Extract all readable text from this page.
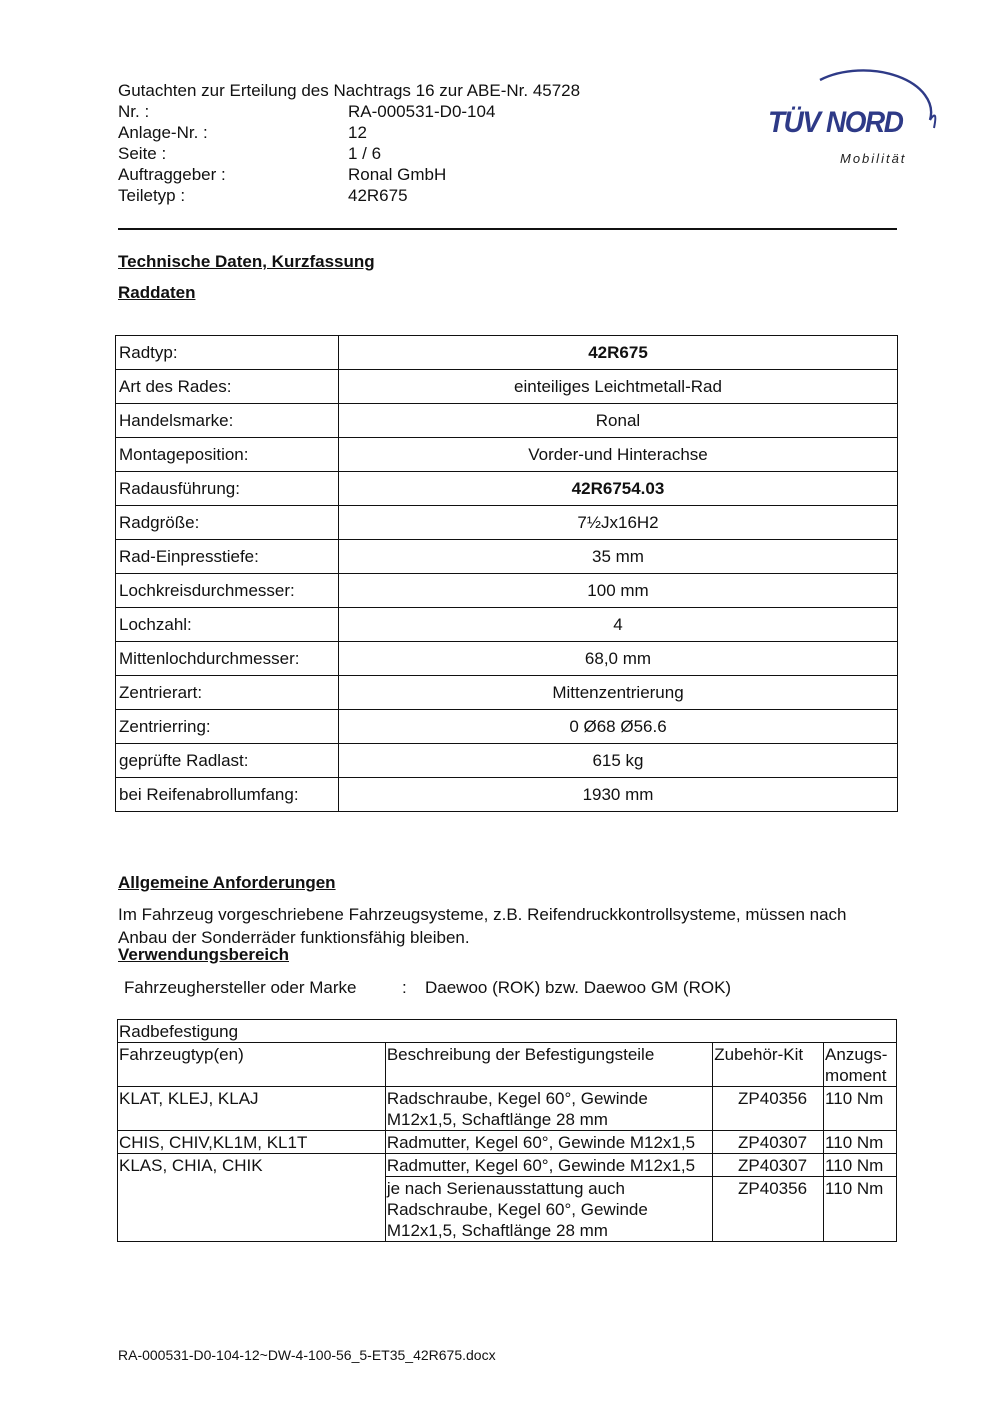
Gutachten zur Erteilung des Nachtrags 16 zur ABE-Nr. 45728
Nr. :	RA-000531-D0-104
Anlage-Nr. :	12
Seite :	1 / 6
Auftraggeber :	Ronal GmbH
Teiletyp :	42R675
TÜV NORD
Mobilität
Technische Daten, Kurzfassung
Raddaten
Radtyp:	42R675
Art des Rades:	einteiliges Leichtmetall-Rad
Handelsmarke:	Ronal
Montageposition:	Vorder-und Hinterachse
Radausführung:	42R6754.03
Radgröße:	7½Jx16H2
Rad-Einpresstiefe:	35 mm
Lochkreisdurchmesser:	100 mm
Lochzahl:	4
Mittenlochdurchmesser:	68,0 mm
Zentrierart:	Mittenzentrierung
Zentrierring:	0 Ø68 Ø56.6
geprüfte Radlast:	615 kg
bei Reifenabrollumfang:	1930 mm
Allgemeine Anforderungen
Im Fahrzeug vorgeschriebene Fahrzeugsysteme, z.B. Reifendruckkontrollsysteme, müssen nach Anbau der Sonderräder funktionsfähig bleiben.
Verwendungsbereich
Fahrzeughersteller oder Marke	: Daewoo (ROK) bzw. Daewoo GM (ROK)
Radbefestigung			
Fahrzeugtyp(en)	Beschreibung der Befestigungsteile	Zubehör-Kit	Anzugs-moment
KLAT, KLEJ, KLAJ	Radschraube, Kegel 60°, Gewinde M12x1,5, Schaftlänge 28 mm	ZP40356	110 Nm
CHIS, CHIV,KL1M, KL1T	Radmutter, Kegel 60°, Gewinde M12x1,5	ZP40307	110 Nm
KLAS, CHIA, CHIK	Radmutter, Kegel 60°, Gewinde M12x1,5	ZP40307	110 Nm
	je nach Serienausstattung auch Radschraube, Kegel 60°, Gewinde M12x1,5, Schaftlänge 28 mm	ZP40356	110 Nm
RA-000531-D0-104-12~DW-4-100-56_5-ET35_42R675.docx
